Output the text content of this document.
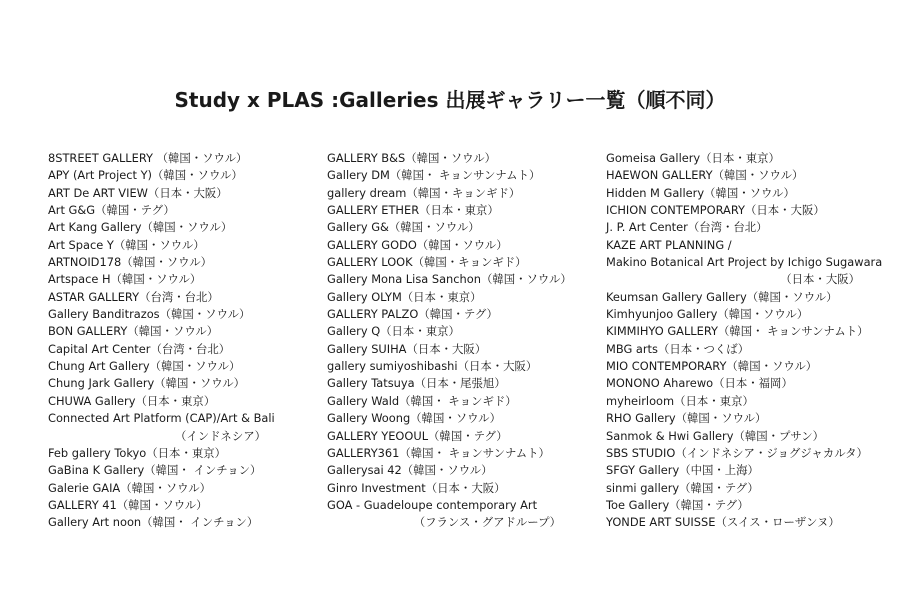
Study x PLAS :Galleries 出展ギャラリー一覧（順不同）
8STREET GALLERY （韓国・ソウル）
APY (Art Project Y)（韓国・ソウル）
ART De ART VIEW（日本・大阪）
Art G&G（韓国・テグ）
Art Kang Gallery（韓国・ソウル）
Art Space Y（韓国・ソウル）
ARTNOID178（韓国・ソウル）
Artspace H（韓国・ソウル）
ASTAR GALLERY（台湾・台北）
Gallery Banditrazos（韓国・ソウル）
BON GALLERY（韓国・ソウル）
Capital Art Center（台湾・台北）
Chung Art Gallery（韓国・ソウル）
Chung Jark Gallery（韓国・ソウル）
CHUWA Gallery（日本・東京）
Connected Art Platform (CAP)/Art & Bali
（インドネシア）
Feb gallery Tokyo（日本・東京）
GaBina K Gallery（韓国・ インチョン）
Galerie GAIA（韓国・ソウル）
GALLERY 41（韓国・ソウル）
Gallery Art noon（韓国・ インチョン）
GALLERY B&S（韓国・ソウル）
Gallery DM（韓国・ キョンサンナムト）
gallery dream（韓国・キョンギド）
GALLERY ETHER（日本・東京）
Gallery G&（韓国・ソウル）
GALLERY GODO（韓国・ソウル）
GALLERY LOOK（韓国・キョンギド）
Gallery Mona Lisa Sanchon（韓国・ソウル）
Gallery OLYM（日本・東京）
GALLERY PALZO（韓国・テグ）
Gallery Q（日本・東京）
Gallery SUIHA（日本・大阪）
gallery sumiyoshibashi（日本・大阪）
Gallery Tatsuya（日本・尾張旭）
Gallery Wald（韓国・ キョンギド）
Gallery Woong（韓国・ソウル）
GALLERY YEOOUL（韓国・テグ）
GALLERY361（韓国・ キョンサンナムト）
Gallerysai 42（韓国・ソウル）
Ginro Investment（日本・大阪）
GOA - Guadeloupe contemporary Art
（フランス・グアドループ）
Gomeisa Gallery（日本・東京）
HAEWON GALLERY（韓国・ソウル）
Hidden M Gallery（韓国・ソウル）
ICHION CONTEMPORARY（日本・大阪）
J. P. Art Center（台湾・台北）
KAZE ART PLANNING /
Makino Botanical Art Project by Ichigo Sugawara
（日本・大阪）
Keumsan Gallery Gallery（韓国・ソウル）
Kimhyunjoo Gallery（韓国・ソウル）
KIMMIHYO GALLERY（韓国・ キョンサンナムト）
MBG arts（日本・つくば）
MIO CONTEMPORARY（韓国・ソウル）
MONONO Aharewo（日本・福岡）
myheirloom（日本・東京）
RHO Gallery（韓国・ソウル）
Sanmok & Hwi Gallery（韓国・プサン）
SBS STUDIO（インドネシア・ジョグジャカルタ）
SFGY Gallery（中国・上海）
sinmi gallery（韓国・テグ）
Toe Gallery（韓国・テグ）
YONDE ART SUISSE（スイス・ローザンヌ）
